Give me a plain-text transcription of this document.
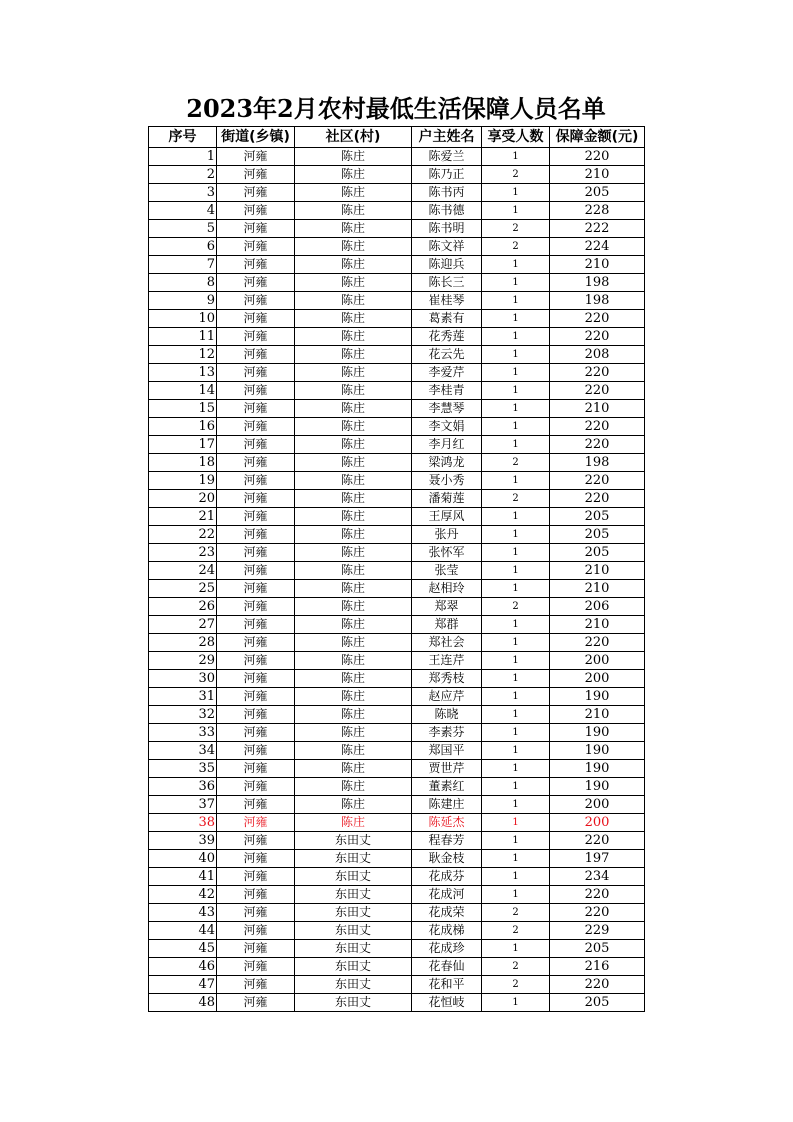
2023年2月农村最低生活保障人员名单
序号	街道(乡镇)	社区(村)	户主姓名	享受人数	保障金额(元)
1	河雍	陈庄	陈爱兰	1	220
2	河雍	陈庄	陈乃正	2	210
3	河雍	陈庄	陈书丙	1	205
4	河雍	陈庄	陈书德	1	228
5	河雍	陈庄	陈书明	2	222
6	河雍	陈庄	陈文祥	2	224
7	河雍	陈庄	陈迎兵	1	210
8	河雍	陈庄	陈长三	1	198
9	河雍	陈庄	崔桂琴	1	198
10	河雍	陈庄	葛素有	1	220
11	河雍	陈庄	花秀莲	1	220
12	河雍	陈庄	花云先	1	208
13	河雍	陈庄	李爱芹	1	220
14	河雍	陈庄	李桂青	1	220
15	河雍	陈庄	李慧琴	1	210
16	河雍	陈庄	李文娟	1	220
17	河雍	陈庄	李月红	1	220
18	河雍	陈庄	梁鸿龙	2	198
19	河雍	陈庄	聂小秀	1	220
20	河雍	陈庄	潘菊莲	2	220
21	河雍	陈庄	王厚风	1	205
22	河雍	陈庄	张丹	1	205
23	河雍	陈庄	张怀军	1	205
24	河雍	陈庄	张莹	1	210
25	河雍	陈庄	赵相玲	1	210
26	河雍	陈庄	郑翠	2	206
27	河雍	陈庄	郑群	1	210
28	河雍	陈庄	郑社会	1	220
29	河雍	陈庄	王连芹	1	200
30	河雍	陈庄	郑秀枝	1	200
31	河雍	陈庄	赵应芹	1	190
32	河雍	陈庄	陈晓	1	210
33	河雍	陈庄	李素芬	1	190
34	河雍	陈庄	郑国平	1	190
35	河雍	陈庄	贾世芹	1	190
36	河雍	陈庄	董素红	1	190
37	河雍	陈庄	陈建庄	1	200
38	河雍	陈庄	陈延杰	1	200
39	河雍	东田丈	程春芳	1	220
40	河雍	东田丈	耿金枝	1	197
41	河雍	东田丈	花成芬	1	234
42	河雍	东田丈	花成河	1	220
43	河雍	东田丈	花成荣	2	220
44	河雍	东田丈	花成梯	2	229
45	河雍	东田丈	花成珍	1	205
46	河雍	东田丈	花春仙	2	216
47	河雍	东田丈	花和平	2	220
48	河雍	东田丈	花恒岐	1	205
